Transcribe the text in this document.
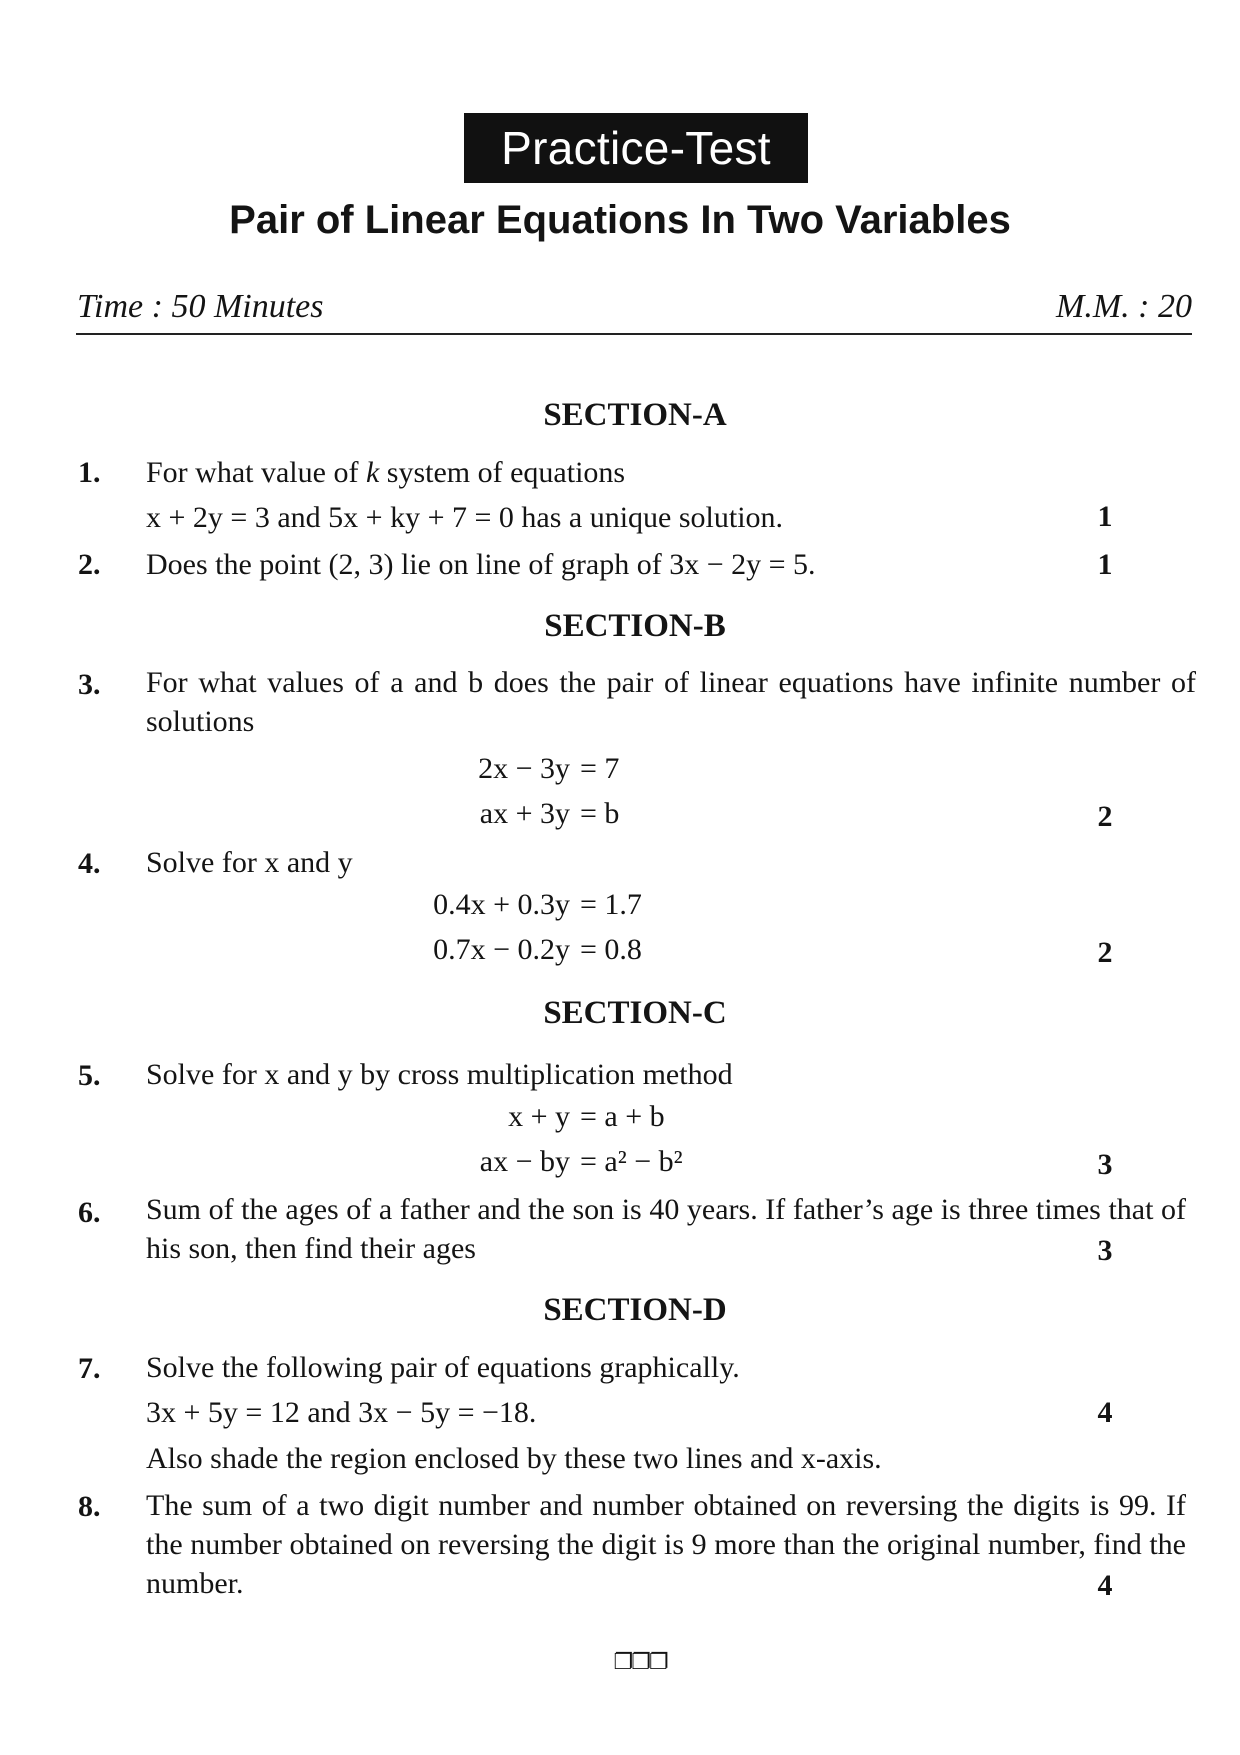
Practice-Test
Pair of Linear Equations In Two Variables
Time : 50 Minutes	M.M. : 20
SECTION-A
1. For what value of k system of equations
x + 2y = 3 and 5x + ky + 7 = 0 has a unique solution.	1
2. Does the point (2, 3) lie on line of graph of 3x − 2y = 5.	1
SECTION-B
3. For what values of a and b does the pair of linear equations have infinite number of solutions
2x − 3y = 7
ax + 3y = b	2
4. Solve for x and y
0.4x + 0.3y = 1.7
0.7x − 0.2y = 0.8	2
SECTION-C
5. Solve for x and y by cross multiplication method
x + y = a + b
ax − by = a² − b²	3
6. Sum of the ages of a father and the son is 40 years. If father’s age is three times that of his son, then find their ages	3
SECTION-D
7. Solve the following pair of equations graphically.
3x + 5y = 12 and 3x − 5y = −18.	4
Also shade the region enclosed by these two lines and x-axis.
8. The sum of a two digit number and number obtained on reversing the digits is 99. If the number obtained on reversing the digit is 9 more than the original number, find the number.	4
❐❐❐
